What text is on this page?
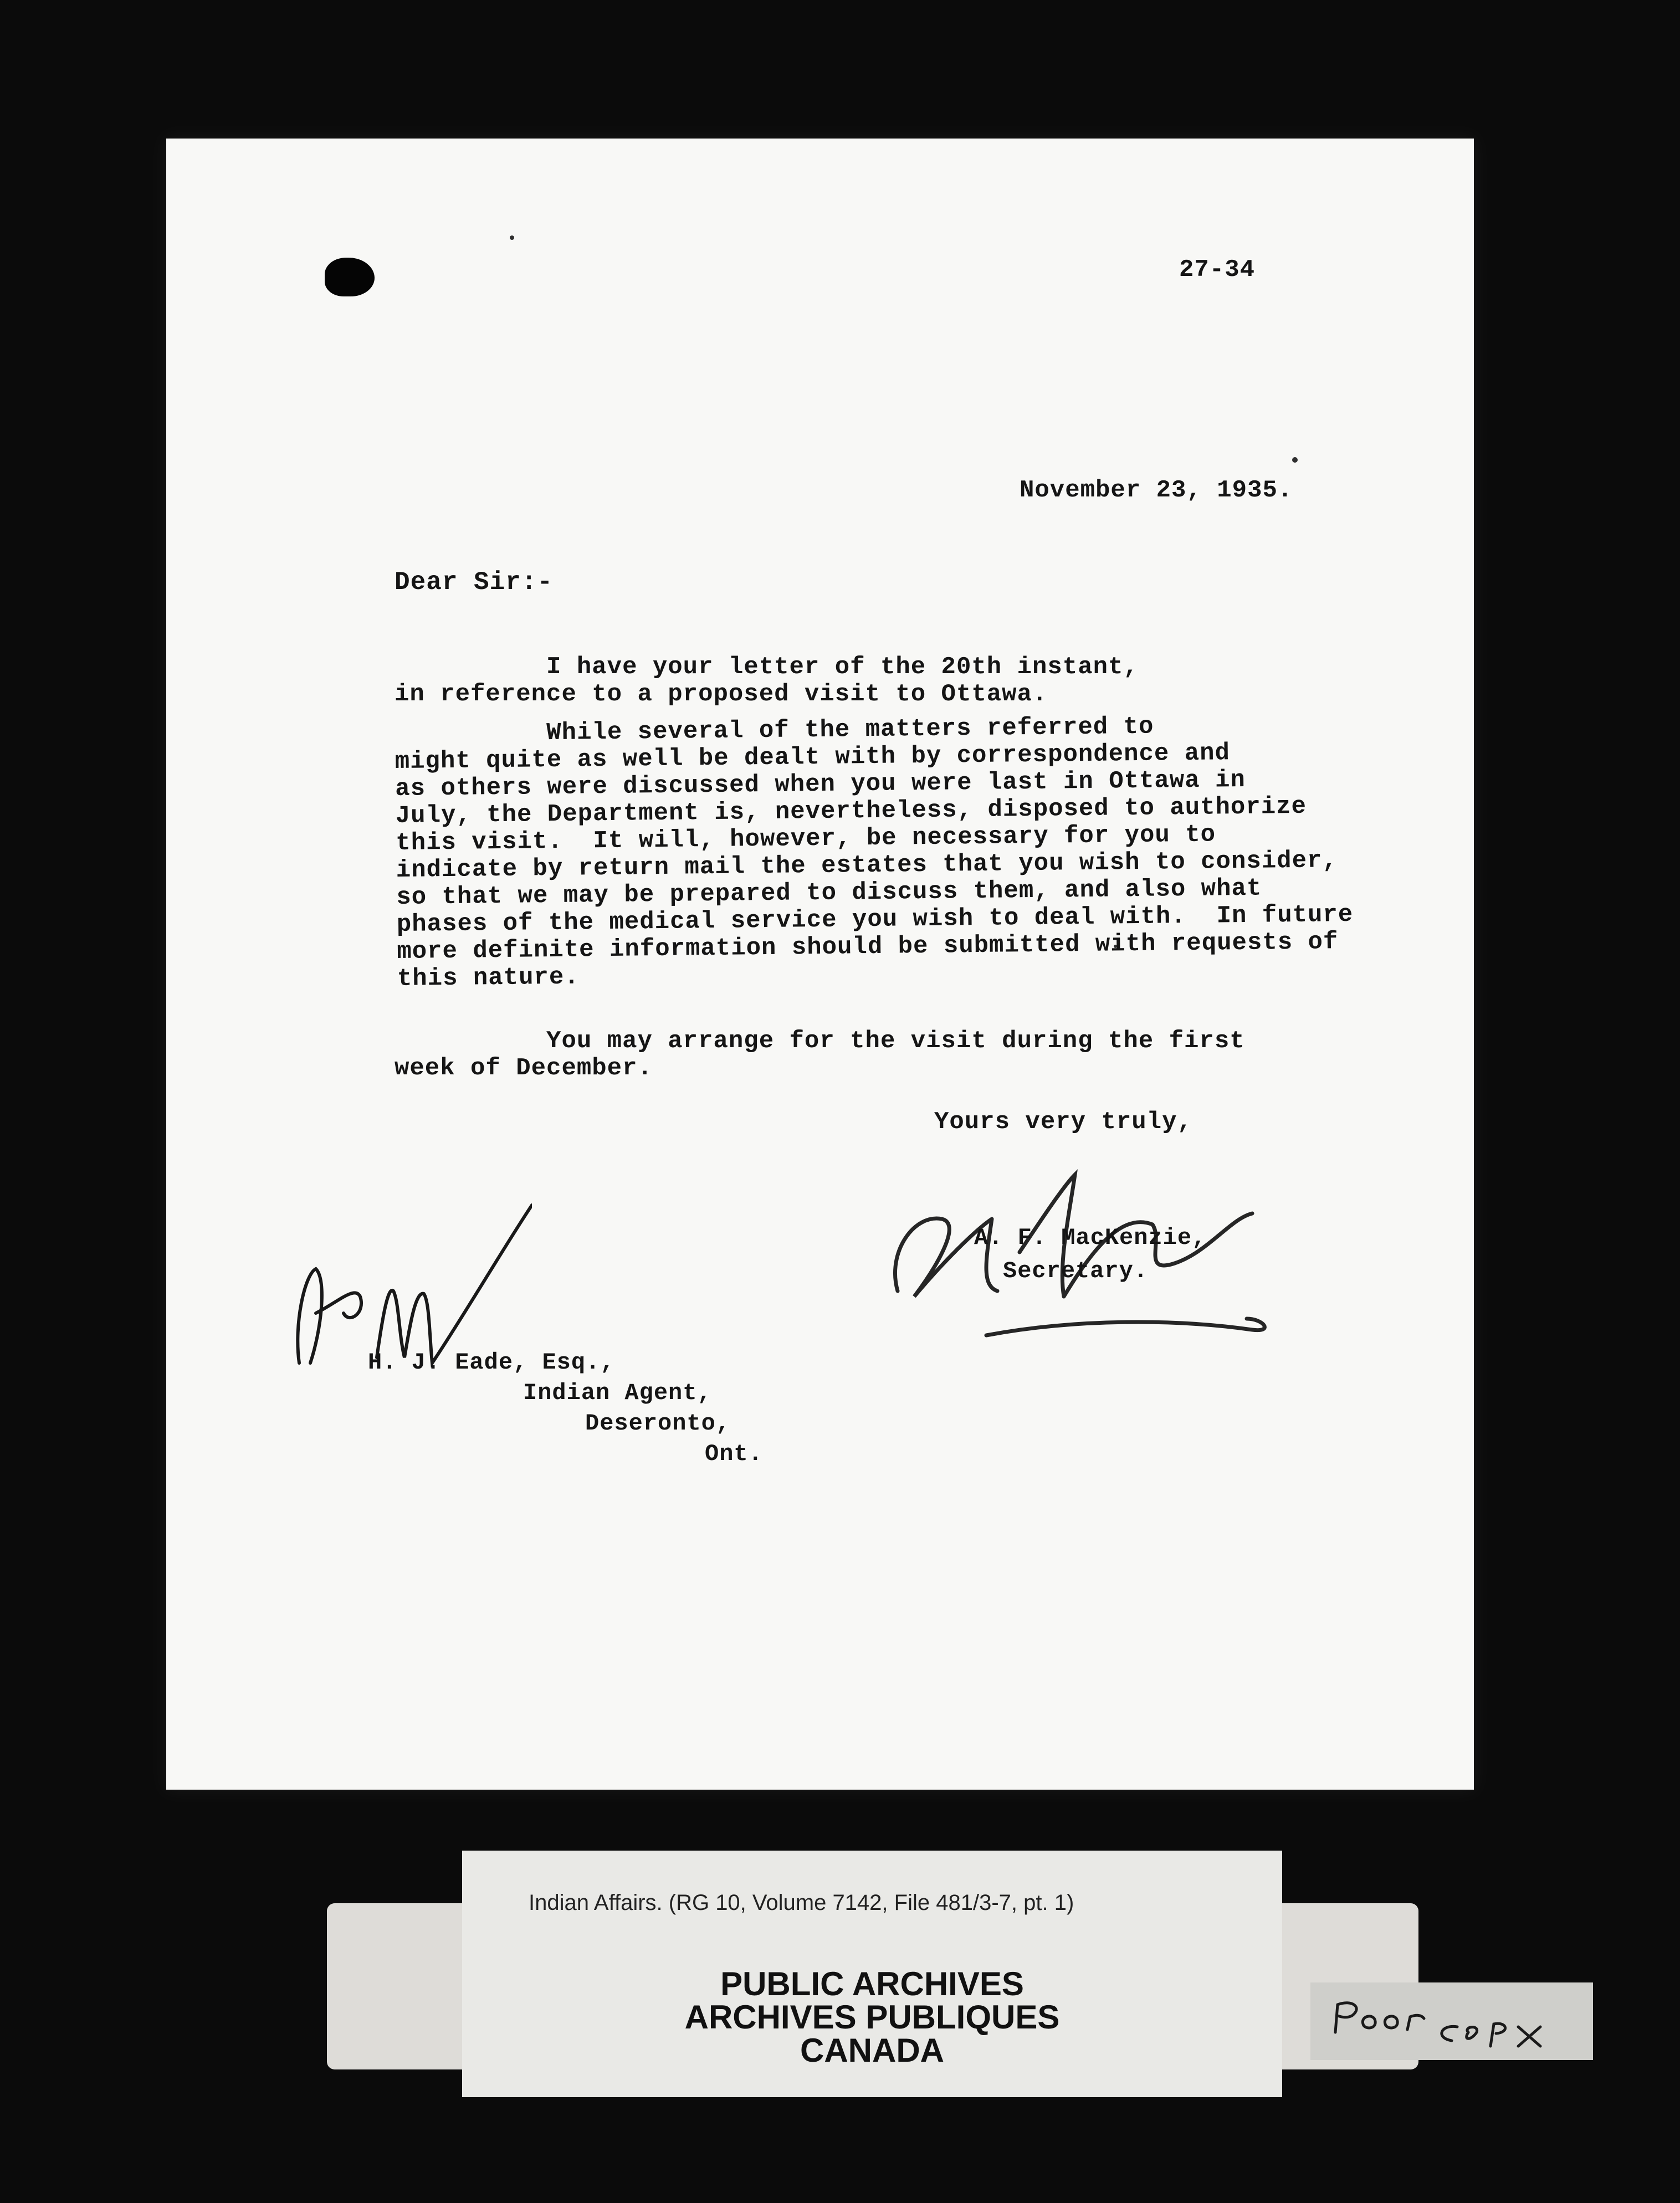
27-34
November 23, 1935.
Dear Sir:-
I have your letter of the 20th instant,
in reference to a proposed visit to Ottawa.
While several of the matters referred to
might quite as well be dealt with by correspondence and
as others were discussed when you were last in Ottawa in
July, the Department is, nevertheless, disposed to authorize
this visit.  It will, however, be necessary for you to
indicate by return mail the estates that you wish to consider,
so that we may be prepared to discuss them, and also what
phases of the medical service you wish to deal with.  In future
more definite information should be submitted with requests of
this nature.
You may arrange for the visit during the first
week of December.
Yours very truly,
A. F. MacKenzie,
Secretary.
H. J. Eade, Esq.,
Indian Agent,
Deseronto,
Ont.
Indian Affairs. (RG 10, Volume 7142, File 481/3-7, pt. 1)
PUBLIC ARCHIVES
ARCHIVES PUBLIQUES
CANADA
